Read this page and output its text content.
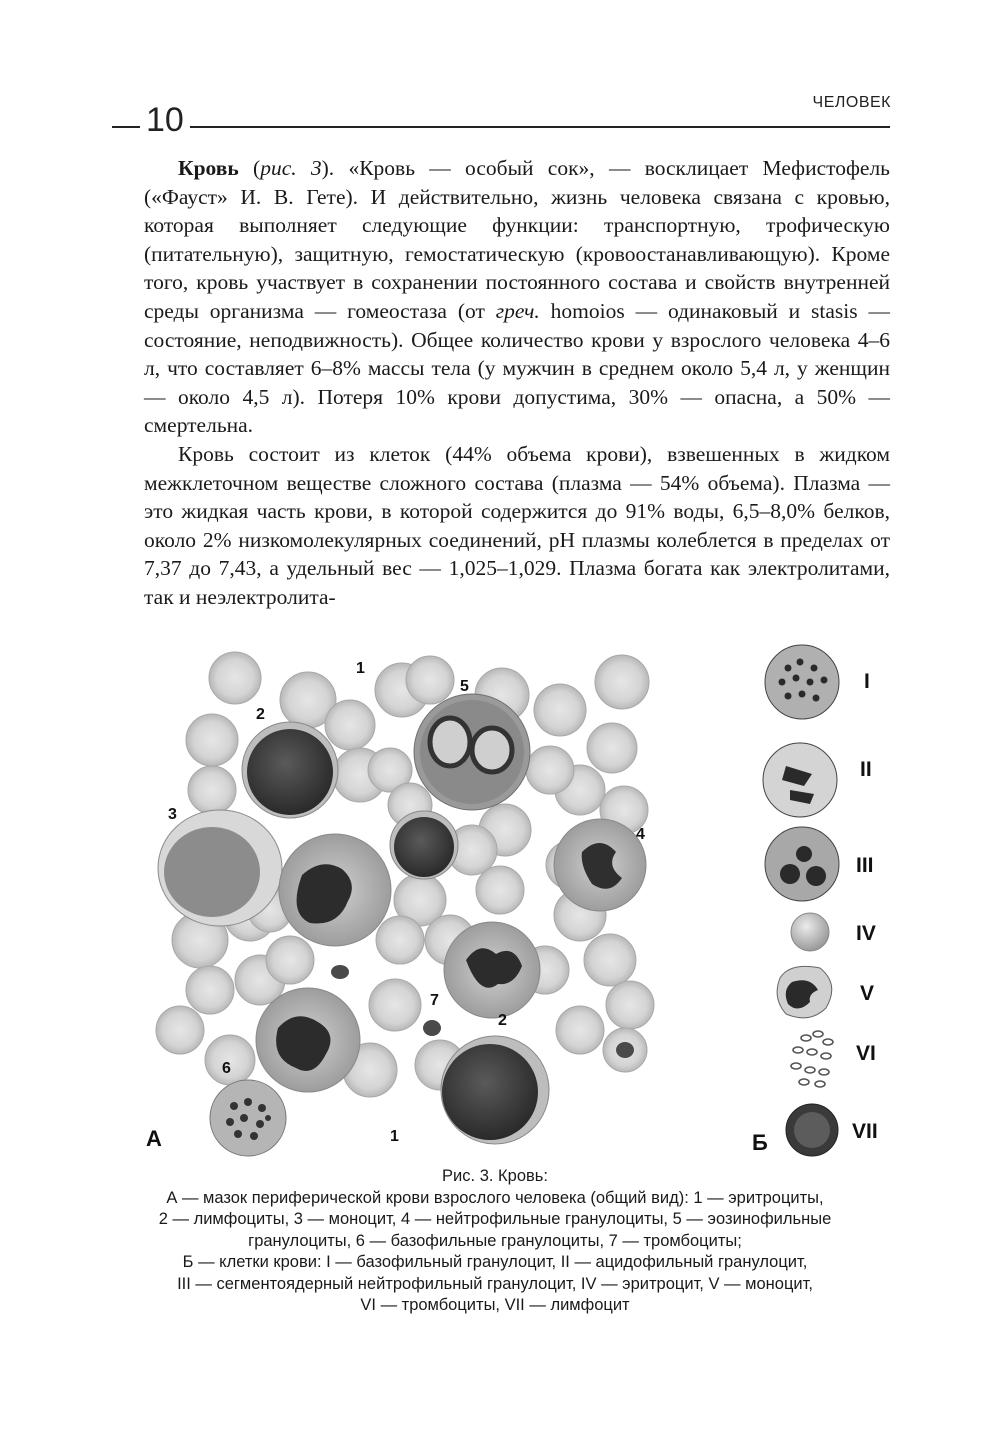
10	ЧЕЛОВЕК

Кровь (рис. 3). «Кровь — особый сок», — восклицает Мефистофель («Фауст» И. В. Гете). И действительно, жизнь человека связана с кровью, которая выполняет следующие функции: транспортную, трофическую (питательную), защитную, гемостатическую (кровоостанавливающую). Кроме того, кровь участвует в сохранении постоянного состава и свойств внутренней среды организма — гомеостаза (от греч. homoios — одинаковый и stasis — состояние, неподвижность). Общее количество крови у взрослого человека 4–6 л, что составляет 6–8% массы тела (у мужчин в среднем около 5,4 л, у женщин — около 4,5 л). Потеря 10% крови допустима, 30% — опасна, а 50% — смертельна.

Кровь состоит из клеток (44% объема крови), взвешенных в жидком межклеточном веществе сложного состава (плазма — 54% объема). Плазма — это жидкая часть крови, в которой содержится до 91% воды, 6,5–8,0% белков, около 2% низкомолекулярных соединений, pH плазмы колеблется в пределах от 7,37 до 7,43, а удельный вес — 1,025–1,029. Плазма богата как электролитами, так и неэлектролита-

1
2
3
4
5
6
7
2
1
А	Б
I
II
III
IV
V
VI
VII
Рис. 3. Кровь:
А — мазок периферической крови взрослого человека (общий вид): 1 — эритроциты,
2 — лимфоциты, 3 — моноцит, 4 — нейтрофильные гранулоциты, 5 — эозинофильные
гранулоциты, 6 — базофильные гранулоциты, 7 — тромбоциты;
Б — клетки крови: I — базофильный гранулоцит, II — ацидофильный гранулоцит,
III — сегментоядерный нейтрофильный гранулоцит, IV — эритроцит, V — моноцит,
VI — тромбоциты, VII — лимфоцит
